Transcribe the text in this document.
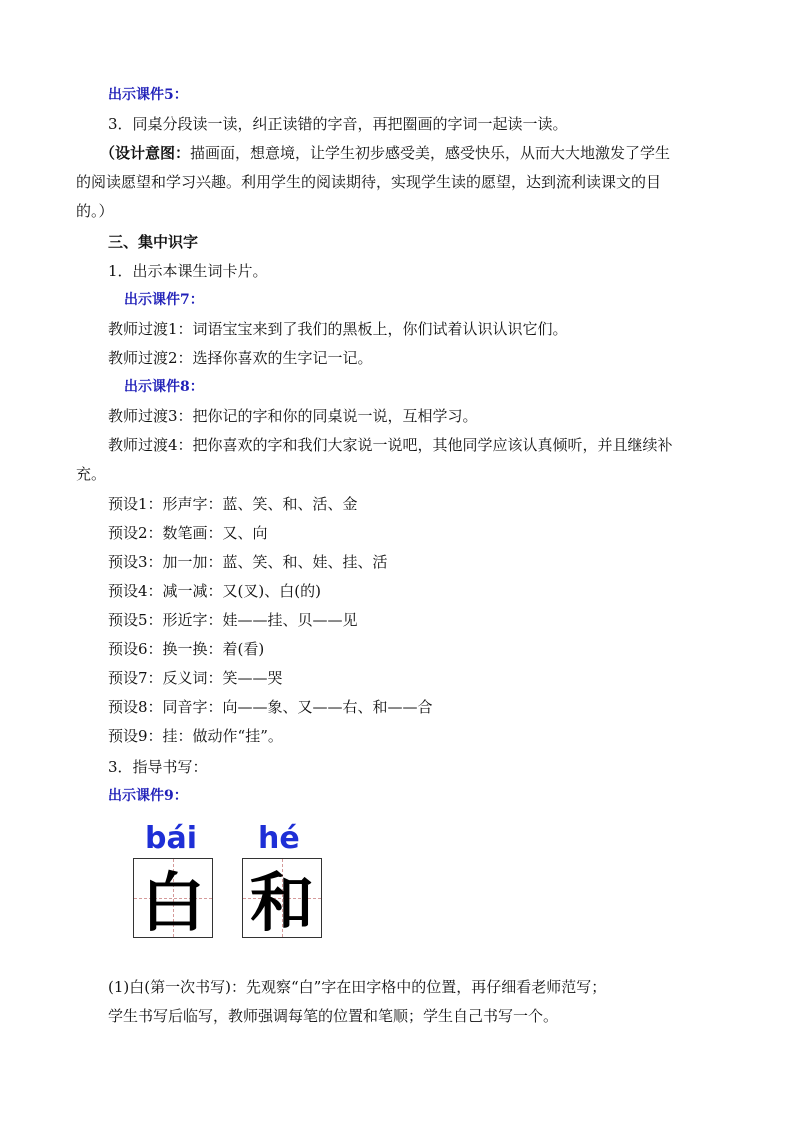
出示课件5：
3．同桌分段读一读，纠正读错的字音，再把圈画的字词一起读一读。
（设计意图：描画面，想意境，让学生初步感受美，感受快乐，从而大大地激发了学生
的阅读愿望和学习兴趣。利用学生的阅读期待，实现学生读的愿望，达到流利读课文的目
的。）
三、集中识字
1．出示本课生词卡片。
出示课件7：
教师过渡1：词语宝宝来到了我们的黑板上，你们试着认识认识它们。
教师过渡2：选择你喜欢的生字记一记。
出示课件8：
教师过渡3：把你记的字和你的同桌说一说，互相学习。
教师过渡4：把你喜欢的字和我们大家说一说吧，其他同学应该认真倾听，并且继续补
充。
预设1：形声字：蓝、笑、和、活、金
预设2：数笔画：又、向
预设3：加一加：蓝、笑、和、娃、挂、活
预设4：减一减：又(叉)、白(的)
预设5：形近字：娃——挂、贝——见
预设6：换一换：着(看)
预设7：反义词：笑——哭
预设8：同音字：向——象、又——右、和——合
预设9：挂：做动作“挂”。
3．指导书写：
出示课件9：
bái hé
白 和
(1)白(第一次书写)：先观察“白”字在田字格中的位置，再仔细看老师范写；
学生书写后临写，教师强调每笔的位置和笔顺；学生自己书写一个。
